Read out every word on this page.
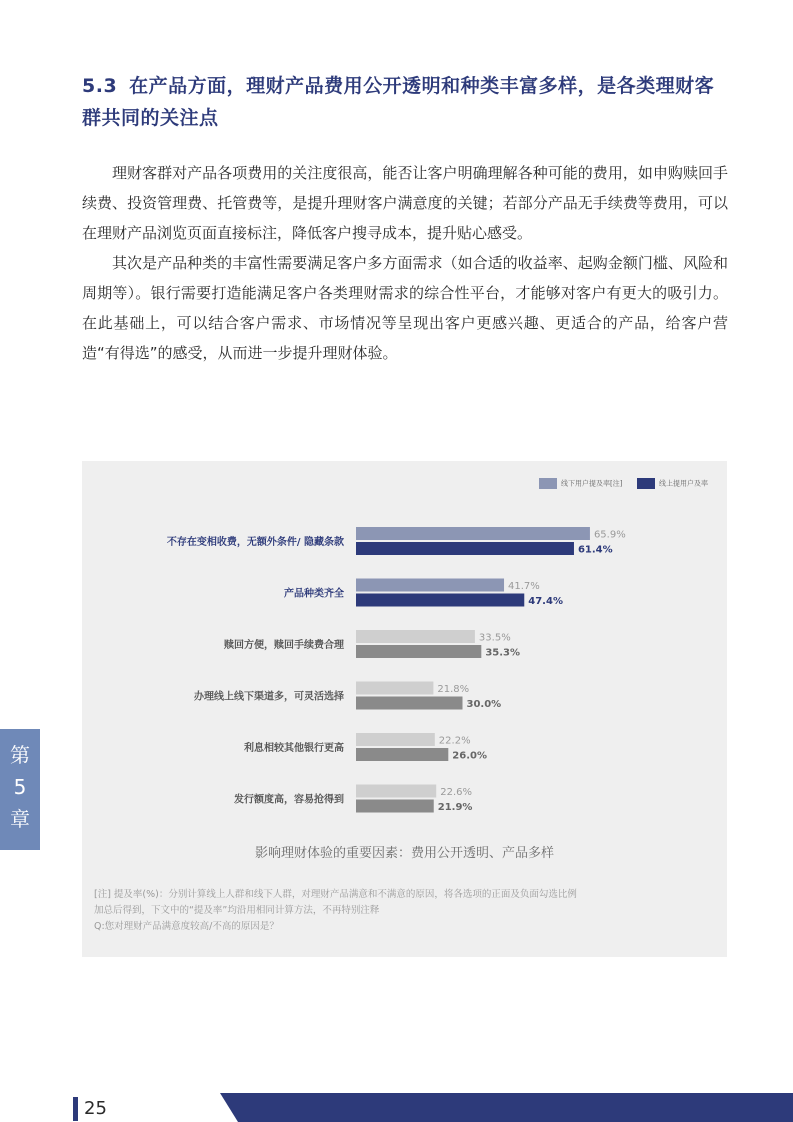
5.3 在产品方面，理财产品费用公开透明和种类丰富多样，是各类理财客群共同的关注点

理财客群对产品各项费用的关注度很高，能否让客户明确理解各种可能的费用，如申购赎回手续费、投资管理费、托管费等，是提升理财客户满意度的关键；若部分产品无手续费等费用，可以在理财产品浏览页面直接标注，降低客户搜寻成本，提升贴心感受。

其次是产品种类的丰富性需要满足客户多方面需求（如合适的收益率、起购金额门槛、风险和周期等）。银行需要打造能满足客户各类理财需求的综合性平台，才能够对客户有更大的吸引力。在此基础上，可以结合客户需求、市场情况等呈现出客户更感兴趣、更适合的产品，给客户营造“有得选”的感受，从而进一步提升理财体验。

线下用户提及率[注]	线上提用户及率
不存在变相收费，无额外条件/ 隐藏条款
65.9%
61.4%
产品种类齐全
41.7%
47.4%
赎回方便，赎回手续费合理
33.5%
35.3%
办理线上线下渠道多，可灵活选择
21.8%
30.0%
利息相较其他银行更高
22.2%
26.0%
发行额度高，容易抢得到
22.6%
21.9%
影响理财体验的重要因素：费用公开透明、产品多样
[注] 提及率(%)：分别计算线上人群和线下人群，对理财产品满意和不满意的原因，将各选项的正面及负面勾选比例
加总后得到，下文中的“提及率”均沿用相同计算方法，不再特别注释
Q:您对理财产品满意度较高/不高的原因是？
第
5
章
25
